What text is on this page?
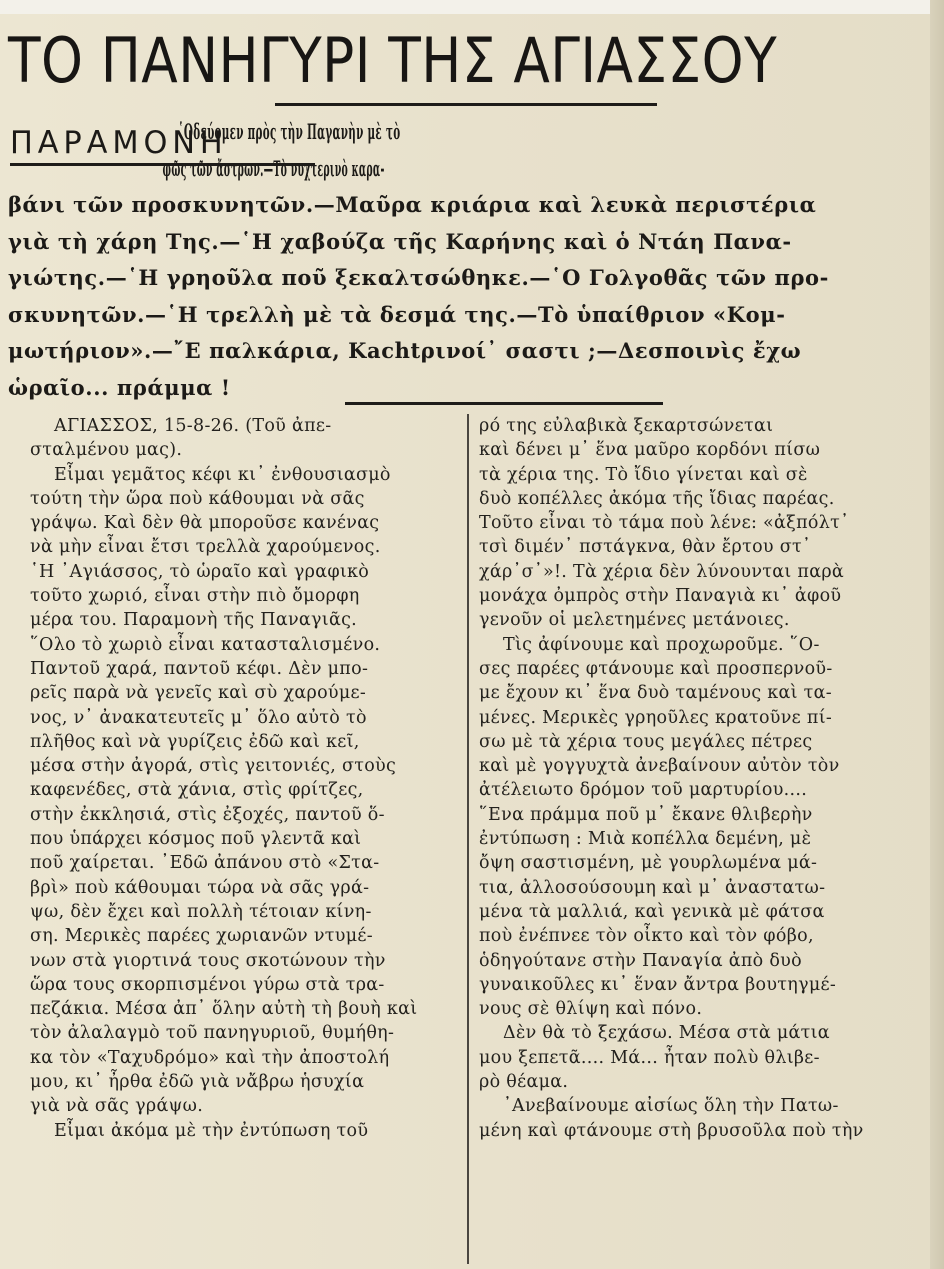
ΤΟ ΠΑΝΗΓΥΡΙ ΤΗΣ ΑΓΙΑΣΣΟΥ
ΠΑΡΑΜΟΝΗ
῾Οδεύομεν πρὸς τὴν Παγανὴν μὲ τὸ
φῶς τῶν ἄστρων.—Τὸ νυχτερινὸ καρα-
βάνι τῶν προσκυνητῶν.—Μαῦρα κριάρια καὶ λευκὰ περιστέρια
γιὰ τὴ χάρη Της.—῾Η χαβούζα τῆς Καρήνης καὶ ὁ Ντάη Πανα-
γιώτης.—῾Η γρηοῦλα ποῦ ξεκαλτσώθηκε.—῾Ο Γολγοθᾶς τῶν προ-
σκυνητῶν.—῾Η τρελλὴ μὲ τὰ δεσμά της.—Τὸ ὑπαίθριον «Κομ-
μωτήριον».—῎Ε παλκάρια, Kachtρινοί᾿ σαστι ;—Δεσποινὶς ἔχω
ὡραῖο... πράμμα !
ΑΓΙΑΣΣΟΣ, 15-8-26. (Τοῦ ἀπε-
σταλμένου μας).
Εἶμαι γεμᾶτος κέφι κι᾿ ἐνθουσιασμὸ
τούτη τὴν ὥρα ποὺ κάθουμαι νὰ σᾶς
γράψω. Καὶ δὲν θὰ μποροῦσε κανένας
νὰ μὴν εἶναι ἔτσι τρελλὰ χαρούμενος.
῾Η ᾿Αγιάσσος, τὸ ὡραῖο καὶ γραφικὸ
τοῦτο χωριό, εἶναι στὴν πιὸ ὄμορφη
μέρα του. Παραμονὴ τῆς Παναγιᾶς.
῞Ολο τὸ χωριὸ εἶναι κατασταλισμένο.
Παντοῦ χαρά, παντοῦ κέφι. Δὲν μπο-
ρεῖς παρὰ νὰ γενεῖς καὶ σὺ χαρούμε-
νος, ν᾿ ἀνακατευτεῖς μ᾿ ὅλο αὐτὸ τὸ
πλῆθος καὶ νὰ γυρίζεις ἐδῶ καὶ κεῖ,
μέσα στὴν ἀγορά, στὶς γειτονιές, στοὺς
καφενέδες, στὰ χάνια, στὶς φρίτζες,
στὴν ἐκκλησιά, στὶς ἐξοχές, παντοῦ ὅ-
που ὑπάρχει κόσμος ποῦ γλεντᾶ καὶ
ποῦ χαίρεται. ᾿Εδῶ ἀπάνου στὸ «Στα-
βρὶ» ποὺ κάθουμαι τώρα νὰ σᾶς γρά-
ψω, δὲν ἔχει καὶ πολλὴ τέτοιαν κίνη-
ση. Μερικὲς παρέες χωριανῶν ντυμέ-
νων στὰ γιορτινά τους σκοτώνουν τὴν
ὥρα τους σκορπισμένοι γύρω στὰ τρα-
πεζάκια. Μέσα ἀπ᾿ ὅλην αὐτὴ τὴ βουὴ καὶ
τὸν ἀλαλαγμὸ τοῦ πανηγυριοῦ, θυμήθη-
κα τὸν «Ταχυδρόμο» καὶ τὴν ἀποστολή
μου, κι᾿ ἦρθα ἐδῶ γιὰ νἄβρω ἡσυχία
γιὰ νὰ σᾶς γράψω.
Εἶμαι ἀκόμα μὲ τὴν ἐντύπωση τοῦ
ρό της εὐλαβικὰ ξεκαρτσώνεται
καὶ δένει μ᾿ ἕνα μαῦρο κορδόνι πίσω
τὰ χέρια της. Τὸ ἴδιο γίνεται καὶ σὲ
δυὸ κοπέλλες ἀκόμα τῆς ἴδιας παρέας.
Τοῦτο εἶναι τὸ τάμα ποὺ λένε: «ἀξπόλτ᾿
τσὶ διμέν᾿ πστάγκνα, θὰν ἔρτου στ᾿
χάρ᾿σ᾿»!. Τὰ χέρια δὲν λύνουνται παρὰ
μονάχα ὀμπρὸς στὴν Παναγιὰ κι᾿ ἀφοῦ
γενοῦν οἱ μελετημένες μετάνοιες.
Τὶς ἀφίνουμε καὶ προχωροῦμε. ῞Ο-
σες παρέες φτάνουμε καὶ προσπερνοῦ-
με ἔχουν κι᾿ ἕνα δυὸ ταμένους καὶ τα-
μένες. Μερικὲς γρηοῦλες κρατοῦνε πί-
σω μὲ τὰ χέρια τους μεγάλες πέτρες
καὶ μὲ γογγυχτὰ ἀνεβαίνουν αὐτὸν τὸν
ἀτέλειωτο δρόμον τοῦ μαρτυρίου....
῞Ενα πράμμα ποῦ μ᾿ ἔκανε θλιβερὴν
ἐντύπωση : Μιὰ κοπέλλα δεμένη, μὲ
ὄψη σαστισμένη, μὲ γουρλωμένα μά-
τια, ἀλλοσούσουμη καὶ μ᾿ ἀναστατω-
μένα τὰ μαλλιά, καὶ γενικὰ μὲ φάτσα
ποὺ ἐνέπνεε τὸν οἶκτο καὶ τὸν φόβο,
ὁδηγούτανε στὴν Παναγία ἀπὸ δυὸ
γυναικοῦλες κι᾿ ἕναν ἄντρα βουτηγμέ-
νους σὲ θλίψη καὶ πόνο.
Δὲν θὰ τὸ ξεχάσω. Μέσα στὰ μάτια
μου ξεπετᾶ.... Μά... ἦταν πολὺ θλιβε-
ρὸ θέαμα.
᾿Ανεβαίνουμε αἰσίως ὅλη τὴν Πατω-
μένη καὶ φτάνουμε στὴ βρυσοῦλα ποὺ τὴν
